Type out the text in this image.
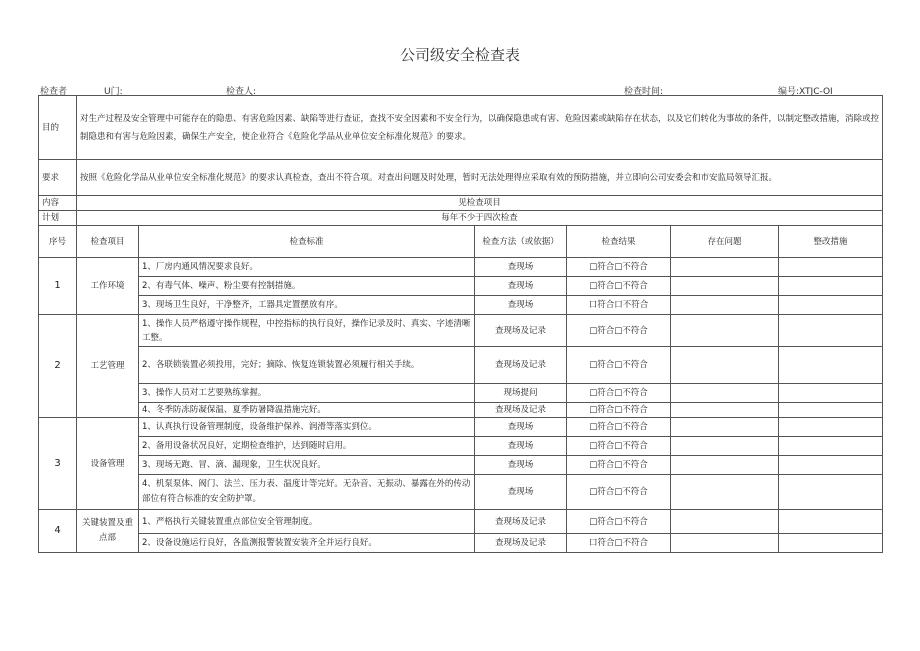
公司级安全检查表
检查者	U门:	检查人:	检查时间:	编号:XTJC-OI
目的	对生产过程及安全管理中可能存在的隐患、有害危险因素、缺陷等进行查证，查找不安全因素和不安全行为，以确保隐患或有害、危险因素或缺陷存在状态，以及它们转化为事故的条件，以制定整改措施，消除或控制隐患和有害与危险因素，确保生产安全，使企业符合《危险化学品从业单位安全标准化规范》的要求。					
要求	按照《危险化学品从业单位安全标准化规范》的要求认真检查，查出不符合项。对查出问题及时处理，暂时无法处理得应采取有效的预防措施，并立即向公司安委会和市安监局领导汇报。					
内容	见检查项目					
计划	每年不少于四次检查					
序号	检查项目	检查标准	检查方法（或依据）	检查结果	存在问题	整改措施
1	工作环境	1、厂房内通风情况要求良好。	查现场	□符合□不符合		
		2、有毒气体、噪声、粉尘要有控制措施。	查现场	□符合□不符合		
		3、现场卫生良好，干净整齐，工器具定置摆放有序。	查现场	口符合口不符合		
2	工艺管理	1、操作人员严格遵守操作规程，中控指标的执行良好，操作记录及时、真实、字迹清晰工整。	查现场及记录	□符合□不符合		
		2、各联锁装置必须投用，完好；摘除、恢复连锁装置必须履行相关手续。	查现场及记录	□符合□不符合		
		3、操作人员对工艺要熟练掌握。	现场提问	□符合□不符合		
		4、冬季防冻防凝保温、夏季防暑降温措施完好。	查现场及记录	□符合□不符合		
3	设备管理	1、认真执行设备管理制度，设备维护保养、润滑等落实到位。	查现场	□符合□不符合		
		2、备用设备状况良好，定期检查维护，达到随时启用。	查现场	□符合□不符合		
		3、现场无跑、冒、滴、漏现象，卫生状况良好。	查现场	□符合□不符合		
		4、机泵泵体、阀门、法兰、压力表、温度计等完好。无杂音、无振动、暴露在外的传动部位有符合标准的安全防护罩。	查现场	□符合□不符合		
4	关键装置及重点部	1、严格执行关键装置重点部位安全管理制度。	查现场及记录	□符合□不符合		
		2、设备设施运行良好，各监测报警装置安装齐全并运行良好。	查现场及记录	口符合□不符合		
